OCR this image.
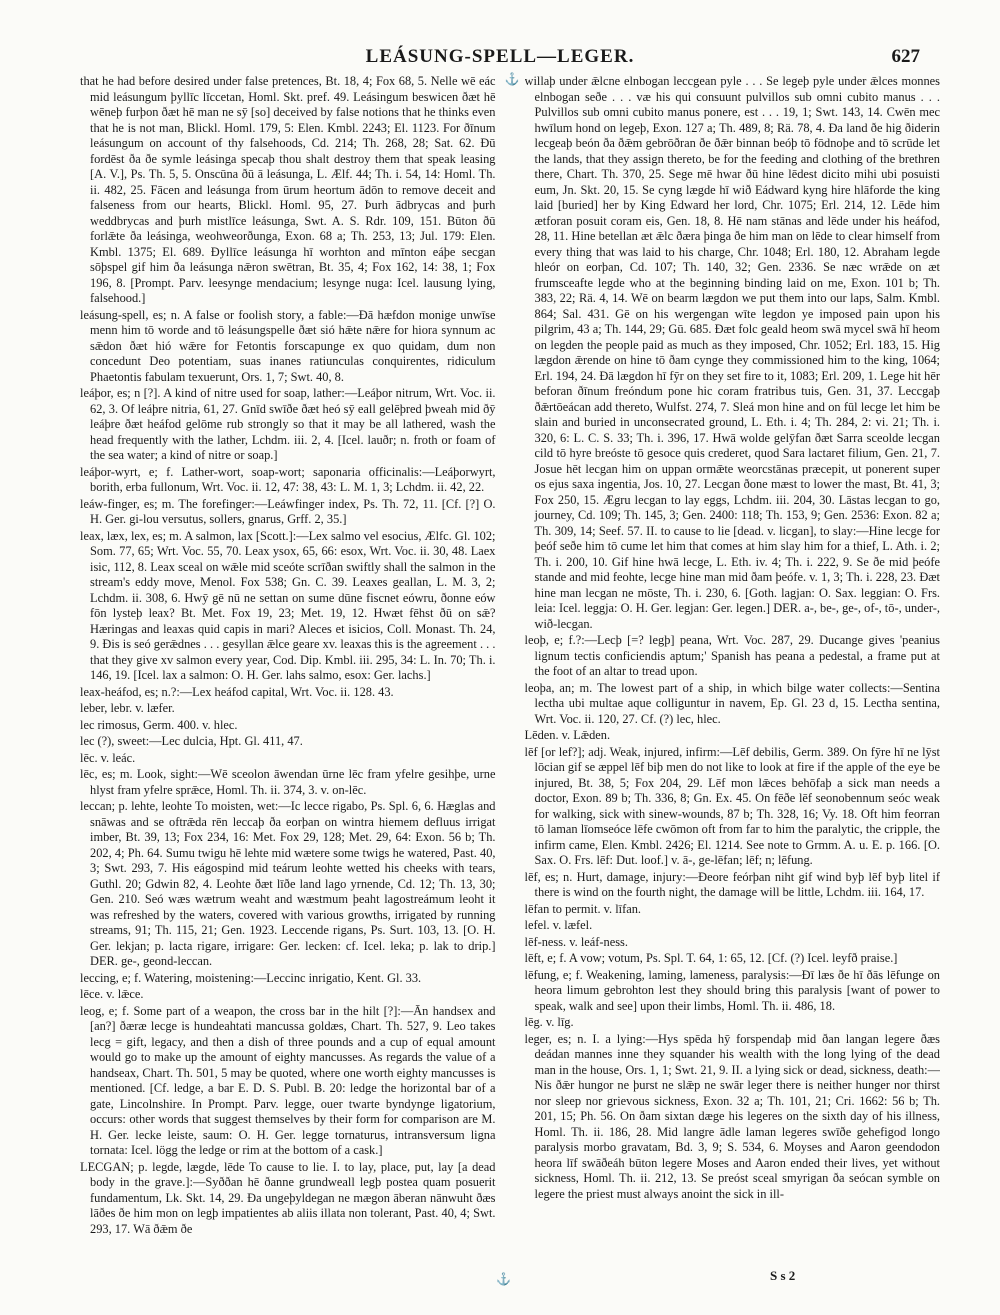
LEÁSUNG-SPELL—LEGER.	627

that he had before desired under false pretences, Bt. 18, 4; Fox 68, 5. Nelle wē eác mid leásungum þyllīc līccetan, Homl. Skt. pref. 49. Leásingum beswicen ðæt hē wēneþ furþon ðæt hē man ne sȳ [so] deceived by false notions that he thinks even that he is not man, Blickl. Homl. 179, 5: Elen. Kmbl. 2243; El. 1123. For ðīnum leásungum on account of thy falsehoods, Cd. 214; Th. 268, 28; Sat. 62. Ðū fordēst ða ðe symle leásinga specaþ thou shalt destroy them that speak leasing [A. V.], Ps. Th. 5, 5. Onscūna ðū ā leásunga, L. Ælf. 44; Th. i. 54, 14: Homl. Th. ii. 482, 25. Fācen and leásunga from ūrum heortum ādōn to remove deceit and falseness from our hearts, Blickl. Homl. 95, 27. Þurh ādbrycas and þurh weddbrycas and þurh mistlīce leásunga, Swt. A. S. Rdr. 109, 151. Būton ðū forlǣte ða leásinga, weohweorðunga, Exon. 68 a; Th. 253, 13; Jul. 179: Elen. Kmbl. 1375; El. 689. Ðyllīce leásunga hī worhton and mīnton eáþe secgan sōþspel gif him ða leásunga nǣron swētran, Bt. 35, 4; Fox 162, 14: 38, 1; Fox 196, 8. [Prompt. Parv. leesynge mendacium; lesynge nuga: Icel. lausung lying, falsehood.]

leásung-spell, es; n. A false or foolish story, a fable:—Ðā hæfdon monige unwīse menn him tō worde and tō leásungspelle ðæt sió hǣte nǣre for hiora synnum ac sǣdon ðæt hió wǣre for Fetontis forscapunge ex quo quidam, dum non concedunt Deo potentiam, suas inanes ratiunculas conquirentes, ridiculum Phaetontis fabulam texuerunt, Ors. 1, 7; Swt. 40, 8.

leáþor, es; n [?]. A kind of nitre used for soap, lather:—Leáþor nitrum, Wrt. Voc. ii. 62, 3. Of leáþre nitria, 61, 27. Gnīd swīðe ðæt heó sȳ eall gelēþred þweah mid ðȳ leáþre ðæt heáfod gelōme rub strongly so that it may be all lathered, wash the head frequently with the lather, Lchdm. iii. 2, 4. [Icel. lauðr; n. froth or foam of the sea water; a kind of nitre or soap.]

leáþor-wyrt, e; f. Lather-wort, soap-wort; saponaria officinalis:—Leáþorwyrt, borith, erba fullonum, Wrt. Voc. ii. 12, 47: 38, 43: L. M. 1, 3; Lchdm. ii. 42, 22.

leáw-finger, es; m. The forefinger:—Leáwfinger index, Ps. Th. 72, 11. [Cf. [?] O. H. Ger. gi-lou versutus, sollers, gnarus, Grff. 2, 35.]

leax, læx, lex, es; m. A salmon, lax [Scott.]:—Lex salmo vel esocius, Ælfc. Gl. 102; Som. 77, 65; Wrt. Voc. 55, 70. Leax ysox, 65, 66: esox, Wrt. Voc. ii. 30, 48. Laex isic, 112, 8. Leax sceal on wǣle mid sceóte scrīðan swiftly shall the salmon in the stream's eddy move, Menol. Fox 538; Gn. C. 39. Leaxes geallan, L. M. 3, 2; Lchdm. ii. 308, 6. Hwȳ gē nū ne settan on sume dūne fiscnet eówru, ðonne eów fōn lysteþ leax? Bt. Met. Fox 19, 23; Met. 19, 12. Hwæt fēhst ðū on sǣ? Hæringas and leaxas quid capis in mari? Aleces et isicios, Coll. Monast. Th. 24, 9. Ðis is seó gerǣdnes . . . gesyllan ǣlce geare xv. leaxas this is the agreement . . . that they give xv salmon every year, Cod. Dip. Kmbl. iii. 295, 34: L. In. 70; Th. i. 146, 19. [Icel. lax a salmon: O. H. Ger. lahs salmo, esox: Ger. lachs.]

leax-heáfod, es; n.?:—Lex heáfod capital, Wrt. Voc. ii. 128. 43.

leber, lebr. v. læfer.

lec rimosus, Germ. 400. v. hlec.

lec (?), sweet:—Lec dulcia, Hpt. Gl. 411, 47.

lēc. v. leác.

lēc, es; m. Look, sight:—Wē sceolon āwendan ūrne lēc fram yfelre gesihþe, urne hlyst fram yfelre sprǣce, Homl. Th. ii. 374, 3. v. on-lēc.

leccan; p. lehte, leohte To moisten, wet:—Ic lecce rigabo, Ps. Spl. 6, 6. Hæglas and snāwas and se oftrǣda rēn leccaþ ða eorþan on wintra hiemem defluus irrigat imber, Bt. 39, 13; Fox 234, 16: Met. Fox 29, 128; Met. 29, 64: Exon. 56 b; Th. 202, 4; Ph. 64. Sumu twigu hē lehte mid wætere some twigs he watered, Past. 40, 3; Swt. 293, 7. His eágospind mid teárum leohte wetted his cheeks with tears, Guthl. 20; Gdwin 82, 4. Leohte ðæt līðe land lago yrnende, Cd. 12; Th. 13, 30; Gen. 210. Seó wæs wætrum weaht and wæstmum þeaht lagostreámum leoht it was refreshed by the waters, covered with various growths, irrigated by running streams, 91; Th. 115, 21; Gen. 1923. Leccende rigans, Ps. Surt. 103, 13. [O. H. Ger. lekjan; p. lacta rigare, irrigare: Ger. lecken: cf. Icel. leka; p. lak to drip.] DER. ge-, geond-leccan.

leccing, e; f. Watering, moistening:—Leccinc inrigatio, Kent. Gl. 33.

lēce. v. lǣce.

leog, e; f. Some part of a weapon, the cross bar in the hilt [?]:—Ān handsex and [an?] ðæræ lecge is hundeahtati mancussa goldæs, Chart. Th. 527, 9. Leo takes lecg = gift, legacy, and then a dish of three pounds and a cup of equal amount would go to make up the amount of eighty mancusses. As regards the value of a handseax, Chart. Th. 501, 5 may be quoted, where one worth eighty mancusses is mentioned. [Cf. ledge, a bar E. D. S. Publ. B. 20: ledge the horizontal bar of a gate, Lincolnshire. In Prompt. Parv. legge, ouer twarte byndynge ligatorium, occurs: other words that suggest themselves by their form for comparison are M. H. Ger. lecke leiste, saum: O. H. Ger. legge tornaturus, intransversum ligna tornata: Icel. lögg the ledge or rim at the bottom of a cask.]

LECGAN; p. legde, lægde, lēde To cause to lie. I. to lay, place, put, lay [a dead body in the grave.]:—Syððan hē ðanne grundweall legþ postea quam posuerit fundamentum, Lk. Skt. 14, 29. Ða ungeþyldegan ne mægon āberan nānwuht ðæs lāðes ðe him mon on legþ impatientes ab aliis illata non tolerant, Past. 40, 4; Swt. 293, 17. Wā ðǣm ðe

⚓ willaþ under ǣlcne elnbogan leccgean pyle . . . Se legeþ pyle under ǣlces monnes elnbogan seðe . . . væ his qui consuunt pulvillos sub omni cubito manus . . . Pulvillos sub omni cubito manus ponere, est . . . 19, 1; Swt. 143, 14. Cwēn mec hwīlum hond on legeþ, Exon. 127 a; Th. 489, 8; Rä. 78, 4. Ða land ðe hig ðiderin lecgeaþ beón ða ðǣm gebrōðran ðe ðǣr binnan beóþ tō fōdnoþe and tō scrūde let the lands, that they assign thereto, be for the feeding and clothing of the brethren there, Chart. Th. 370, 25. Sege mē hwar ðū hine lēdest dicito mihi ubi posuisti eum, Jn. Skt. 20, 15. Se cyng lægde hī wið Eádward kyng hire hlāforde the king laid [buried] her by King Edward her lord, Chr. 1075; Erl. 214, 12. Lēde him ætforan posuit coram eis, Gen. 18, 8. Hē nam stānas and lēde under his heáfod, 28, 11. Hine betellan æt ǣlc ðæra þinga ðe him man on lēde to clear himself from every thing that was laid to his charge, Chr. 1048; Erl. 180, 12. Abraham legde hleór on eorþan, Cd. 107; Th. 140, 32; Gen. 2336. Se næc wrǣde on æt frumsceafte legde who at the beginning binding laid on me, Exon. 101 b; Th. 383, 22; Rä. 4, 14. Wē on bearm lægdon we put them into our laps, Salm. Kmbl. 864; Sal. 431. Gē on his wergengan wīte legdon ye imposed pain upon his pilgrim, 43 a; Th. 144, 29; Gū. 685. Ðæt folc geald heom swā mycel swā hī heom on legden the people paid as much as they imposed, Chr. 1052; Erl. 183, 15. Hig lægdon ǣrende on hine tō ðam cynge they commissioned him to the king, 1064; Erl. 194, 24. Ðā lægdon hī fȳr on they set fire to it, 1083; Erl. 209, 1. Lege hit hēr beforan ðīnum freóndum pone hic coram fratribus tuis, Gen. 31, 37. Leccgaþ ðǣrtōeácan add thereto, Wulfst. 274, 7. Sleá mon hine and on fūl lecge let him be slain and buried in unconsecrated ground, L. Eth. i. 4; Th. 284, 2: vi. 21; Th. i. 320, 6: L. C. S. 33; Th. i. 396, 17. Hwā wolde gelȳfan ðæt Sarra sceolde lecgan cild tō hyre breóste tō gesoce quis crederet, quod Sara lactaret filium, Gen. 21, 7. Josue hēt lecgan him on uppan ormǣte weorcstānas præcepit, ut ponerent super os ejus saxa ingentia, Jos. 10, 27. Lecgan ðone mæst to lower the mast, Bt. 41, 3; Fox 250, 15. Ægru lecgan to lay eggs, Lchdm. iii. 204, 30. Lāstas lecgan to go, journey, Cd. 109; Th. 145, 3; Gen. 2400: 118; Th. 153, 9; Gen. 2536: Exon. 82 a; Th. 309, 14; Seef. 57. II. to cause to lie [dead. v. licgan], to slay:—Hine lecge for þeóf seðe him tō cume let him that comes at him slay him for a thief, L. Ath. i. 2; Th. i. 200, 10. Gif hine hwā lecge, L. Eth. iv. 4; Th. i. 222, 9. Se ðe mid þeófe stande and mid feohte, lecge hine man mid ðam þeófe. v. 1, 3; Th. i. 228, 23. Ðæt hine man lecgan ne mōste, Th. i. 230, 6. [Goth. lagjan: O. Sax. leggian: O. Frs. leia: Icel. leggja: O. H. Ger. legjan: Ger. legen.] DER. a-, be-, ge-, of-, tō-, under-, wið-lecgan.

leoþ, e; f.?:—Lecþ [=? legþ] peana, Wrt. Voc. 287, 29. Ducange gives 'peanius lignum tectis conficiendis aptum;' Spanish has peana a pedestal, a frame put at the foot of an altar to tread upon.

leoþa, an; m. The lowest part of a ship, in which bilge water collects:—Sentina lectha ubi multae aque colliguntur in navem, Ep. Gl. 23 d, 15. Lectha sentina, Wrt. Voc. ii. 120, 27. Cf. (?) lec, hlec.

Lēden. v. Lǣden.

lēf [or lef?]; adj. Weak, injured, infirm:—Lēf debilis, Germ. 389. On fȳre hī ne lȳst lōcian gif se æppel lēf biþ men do not like to look at fire if the apple of the eye be injured, Bt. 38, 5; Fox 204, 29. Lēf mon lǣces behōfaþ a sick man needs a doctor, Exon. 89 b; Th. 336, 8; Gn. Ex. 45. On fēðe lēf seonobennum seóc weak for walking, sick with sinew-wounds, 87 b; Th. 328, 16; Vy. 18. Oft him feorran tō laman līomseóce lēfe cwōmon oft from far to him the paralytic, the cripple, the infirm came, Elen. Kmbl. 2426; El. 1214. See note to Grmm. A. u. E. p. 166. [O. Sax. O. Frs. lēf: Dut. loof.] v. ā-, ge-lēfan; lēf; n; lēfung.

lēf, es; n. Hurt, damage, injury:—Ðeore feórþan niht gif wind byþ lēf byþ litel if there is wind on the fourth night, the damage will be little, Lchdm. iii. 164, 17.

lēfan to permit. v. līfan.

lefel. v. læfel.

lēf-ness. v. leáf-ness.

lēft, e; f. A vow; votum, Ps. Spl. T. 64, 1: 65, 12. [Cf. (?) Icel. leyfð praise.]

lēfung, e; f. Weakening, laming, lameness, paralysis:—Ðī læs ðe hī ðās lēfunge on heora limum gebrohton lest they should bring this paralysis [want of power to speak, walk and see] upon their limbs, Homl. Th. ii. 486, 18.

lēg. v. līg.

leger, es; n. I. a lying:—Hys spēda hȳ forspendaþ mid ðan langan legere ðæs deádan mannes inne they squander his wealth with the long lying of the dead man in the house, Ors. 1, 1; Swt. 21, 9. II. a lying sick or dead, sickness, death:—Nis ðǣr hungor ne þurst ne slǣp ne swār leger there is neither hunger nor thirst nor sleep nor grievous sickness, Exon. 32 a; Th. 101, 21; Cri. 1662: 56 b; Th. 201, 15; Ph. 56. On ðam sixtan dæge his legeres on the sixth day of his illness, Homl. Th. ii. 186, 28. Mid langre ādle laman legeres swīðe gehefigod longo paralysis morbo gravatam, Bd. 3, 9; S. 534, 6. Moyses and Aaron geendodon heora līf swāðeáh būton legere Moses and Aaron ended their lives, yet without sickness, Homl. Th. ii. 212, 13. Se preóst sceal smyrigan ða seócan symble on legere the priest must always anoint the sick in ill-

⚓	S s 2
